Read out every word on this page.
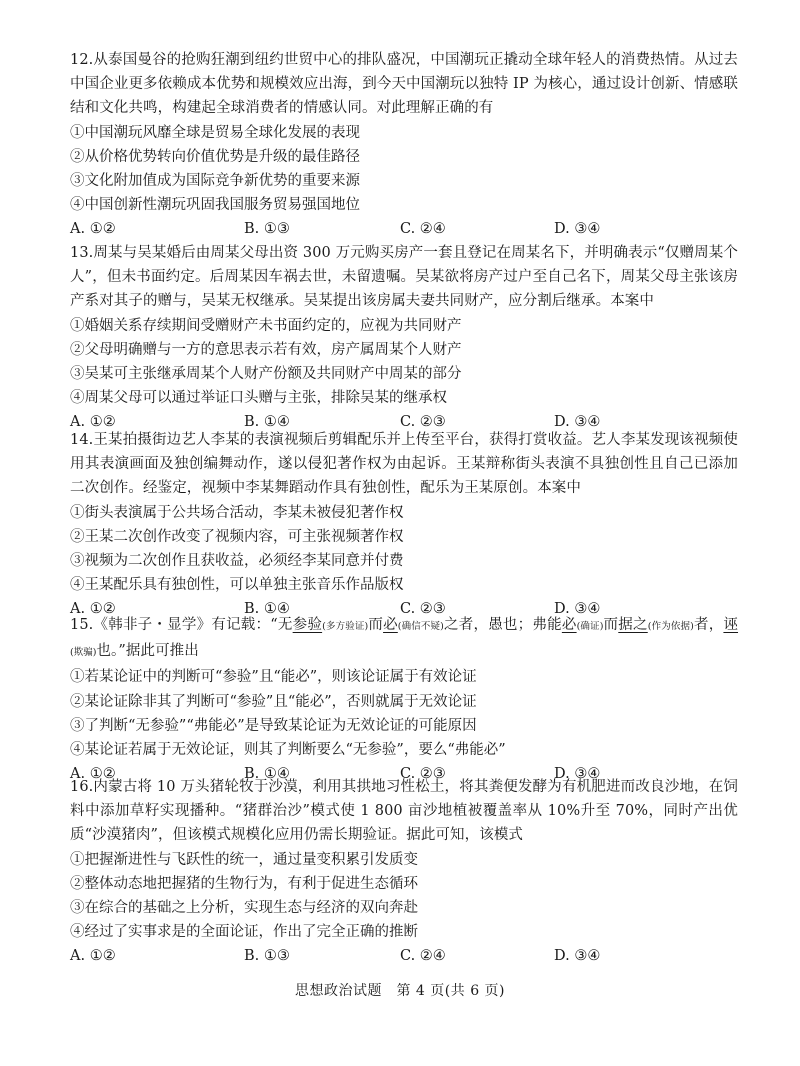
12.从泰国曼谷的抢购狂潮到纽约世贸中心的排队盛况，中国潮玩正撬动全球年轻人的消费热情。从过去中国企业更多依赖成本优势和规模效应出海，到今天中国潮玩以独特 IP 为核心，通过设计创新、情感联结和文化共鸣，构建起全球消费者的情感认同。对此理解正确的有

①中国潮玩风靡全球是贸易全球化发展的表现

②从价格优势转向价值优势是升级的最佳路径

③文化附加值成为国际竞争新优势的重要来源

④中国创新性潮玩巩固我国服务贸易强国地位

A. ①②	B. ①③	C. ②④	D. ③④

13.周某与吴某婚后由周某父母出资 300 万元购买房产一套且登记在周某名下，并明确表示“仅赠周某个人”，但未书面约定。后周某因车祸去世，未留遗嘱。吴某欲将房产过户至自己名下，周某父母主张该房产系对其子的赠与，吴某无权继承。吴某提出该房属夫妻共同财产，应分割后继承。本案中

①婚姻关系存续期间受赠财产未书面约定的，应视为共同财产

②父母明确赠与一方的意思表示若有效，房产属周某个人财产

③吴某可主张继承周某个人财产份额及共同财产中周某的部分

④周某父母可以通过举证口头赠与主张，排除吴某的继承权

A. ①②	B. ①④	C. ②③	D. ③④

14.王某拍摄街边艺人李某的表演视频后剪辑配乐并上传至平台，获得打赏收益。艺人李某发现该视频使用其表演画面及独创编舞动作，遂以侵犯著作权为由起诉。王某辩称街头表演不具独创性且自己已添加二次创作。经鉴定，视频中李某舞蹈动作具有独创性，配乐为王某原创。本案中

①街头表演属于公共场合活动，李某未被侵犯著作权

②王某二次创作改变了视频内容，可主张视频著作权

③视频为二次创作且获收益，必须经李某同意并付费

④王某配乐具有独创性，可以单独主张音乐作品版权

A. ①②	B. ①④	C. ②③	D. ③④

15.《韩非子・显学》有记载：“无参验(多方验证)而必(确信不疑)之者，愚也；弗能必(确证)而据之(作为依据)者，诬(欺骗)也。”据此可推出

①若某论证中的判断可“参验”且“能必”，则该论证属于有效论证

②某论证除非其了判断可“参验”且“能必”，否则就属于无效论证

③了判断“无参验”“弗能必”是导致某论证为无效论证的可能原因

④某论证若属于无效论证，则其了判断要么“无参验”，要么“弗能必”

A. ①②	B. ①④	C. ②③	D. ③④

16.内蒙古将 10 万头猪轮牧于沙漠，利用其拱地习性松土，将其粪便发酵为有机肥进而改良沙地，在饲料中添加草籽实现播种。“猪群治沙”模式使 1 800 亩沙地植被覆盖率从 10%升至 70%，同时产出优质“沙漠猪肉”，但该模式规模化应用仍需长期验证。据此可知，该模式

①把握渐进性与飞跃性的统一，通过量变积累引发质变

②整体动态地把握猪的生物行为，有利于促进生态循环

③在综合的基础之上分析，实现生态与经济的双向奔赴

④经过了实事求是的全面论证，作出了完全正确的推断

A. ①②	B. ①③	C. ②④	D. ③④
思想政治试题　第 4 页(共 6 页)
